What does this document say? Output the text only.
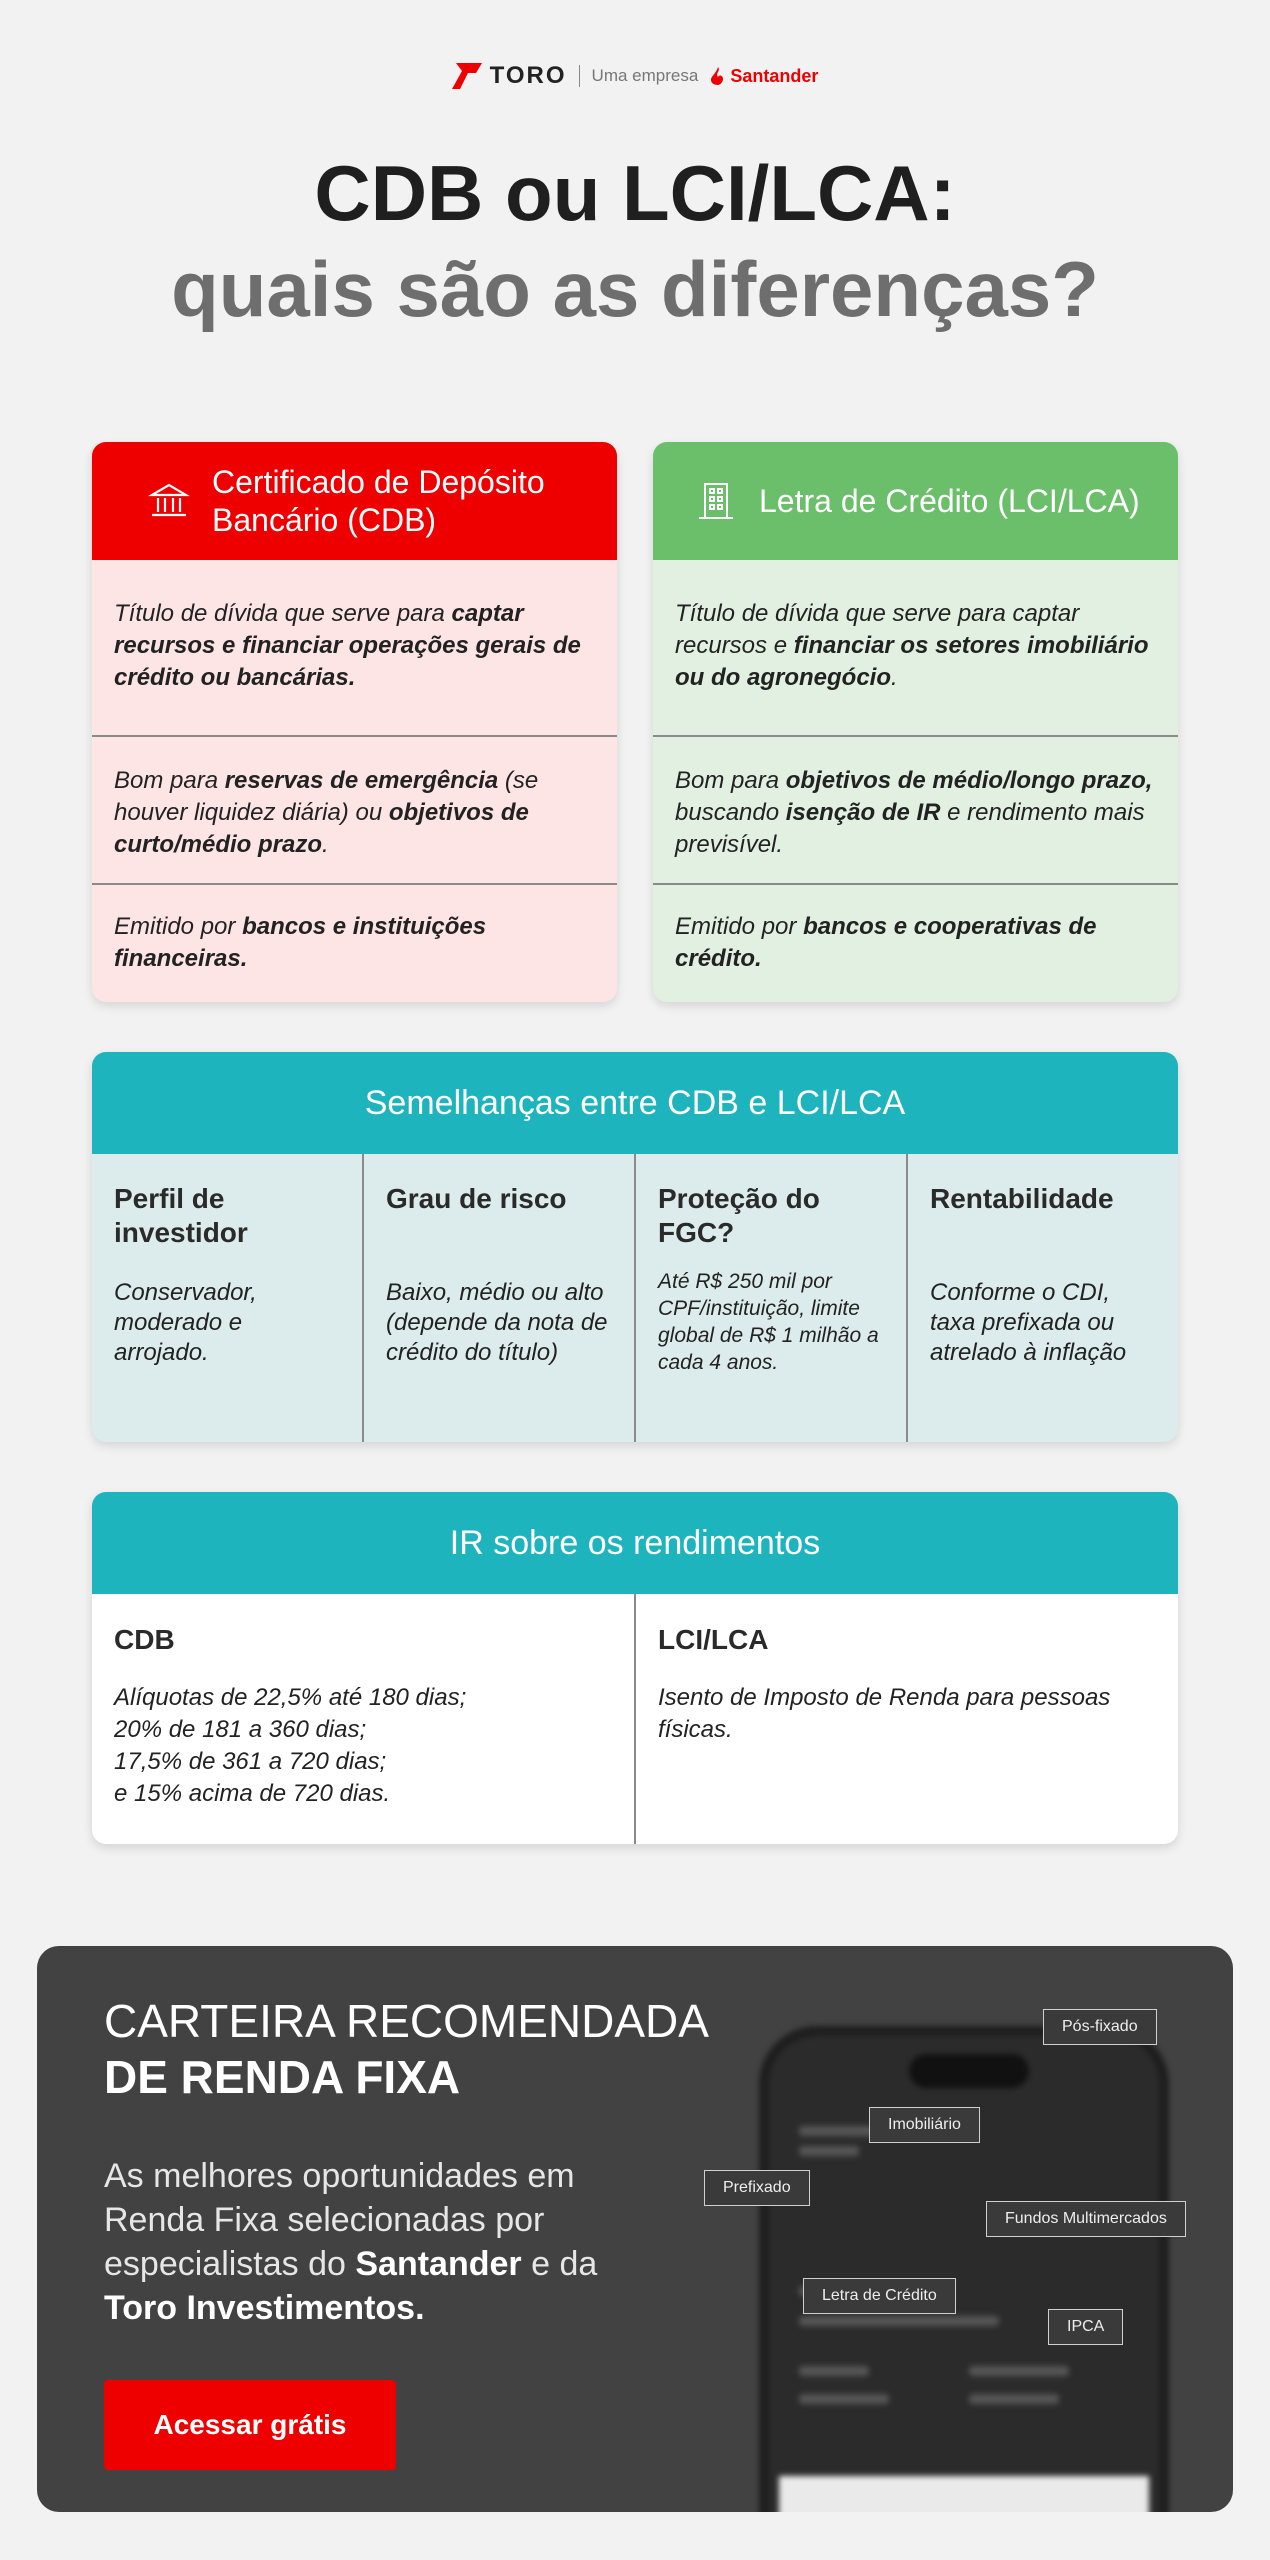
TORO Uma empresa Santander
CDB ou LCI/LCA:
quais são as diferenças?
Certificado de Depósito Bancário (CDB)
Título de dívida que serve para captar recursos e financiar operações gerais de crédito ou bancárias.
Bom para reservas de emergência (se houver liquidez diária) ou objetivos de curto/médio prazo.
Emitido por bancos e instituições financeiras.
Letra de Crédito (LCI/LCA)
Título de dívida que serve para captar recursos e financiar os setores imobiliário ou do agronegócio.
Bom para objetivos de médio/longo prazo, buscando isenção de IR e rendimento mais previsível.
Emitido por bancos e cooperativas de crédito.
Semelhanças entre CDB e LCI/LCA
Perfil de investidor
Conservador, moderado e arrojado.
Grau de risco
Baixo, médio ou alto (depende da nota de crédito do título)
Proteção do FGC?
Até R$ 250 mil por CPF/instituição, limite global de R$ 1 milhão a cada 4 anos.
Rentabilidade
Conforme o CDI, taxa prefixada ou atrelado à inflação
IR sobre os rendimentos
CDB
Alíquotas de 22,5% até 180 dias;
20% de 181 a 360 dias;
17,5% de 361 a 720 dias;
e 15% acima de 720 dias.
LCI/LCA
Isento de Imposto de Renda para pessoas físicas.
CARTEIRA RECOMENDADA
DE RENDA FIXA
As melhores oportunidades em Renda Fixa selecionadas por especialistas do Santander e da Toro Investimentos.
Acessar grátis
Pós-fixado
Imobiliário
Prefixado
Fundos Multimercados
Letra de Crédito
IPCA
